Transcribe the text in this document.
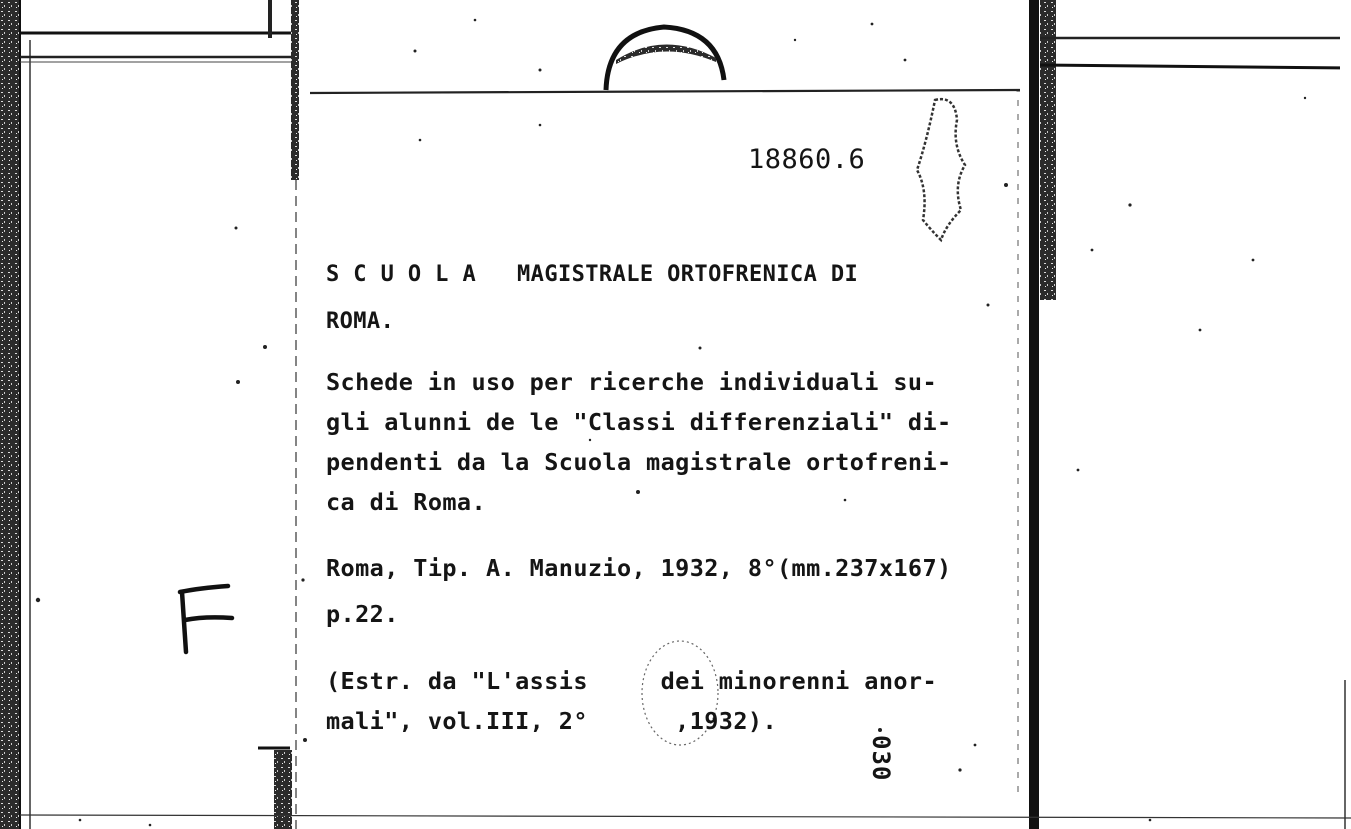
18860.6
S C U O L A   MAGISTRALE ORTOFRENICA DI
ROMA.
Schede in uso per ricerche individuali su-
gli alunni de le "Classi differenziali" di-
pendenti da la Scuola magistrale ortofreni-
ca di Roma.
Roma, Tip. A. Manuzio, 1932, 8°(mm.237x167)
p.22.
(Estr. da "L'assis     dei minorenni anor-
mali", vol.III, 2°      ,1932).
030
